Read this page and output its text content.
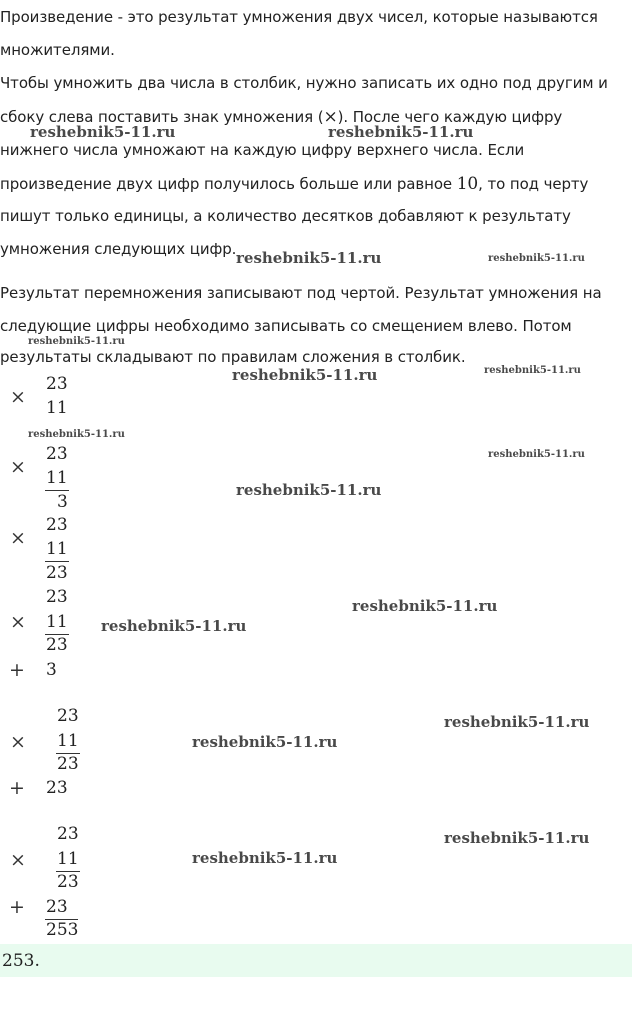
Произведение - это результат умножения двух чисел, которые называются
множителями.
Чтобы умножить два числа в столбик, нужно записать их одно под другим и
сбоку слева поставить знак умножения (×). После чего каждую цифру
нижнего числа умножают на каждую цифру верхнего числа. Если
произведение двух цифр получилось больше или равное 10, то под черту
пишут только единицы, а количество десятков добавляют к результату
умножения следующих цифр.
Результат перемножения записывают под чертой. Результат умножения на
следующие цифры необходимо записывать со смещением влево. Потом
результаты складывают по правилам сложения в столбик.
23
× 11
23
× 11
3
23
× 11
23
23
× 11
23
+ 3
23
× 11
23
+ 23
23
× 11
23
+ 23
253
253.
reshebnik5-11.ru	reshebnik5-11.ru
reshebnik5-11.ru	reshebnik5-11.ru
reshebnik5-11.ru
reshebnik5-11.ru	reshebnik5-11.ru
reshebnik5-11.ru
reshebnik5-11.ru
reshebnik5-11.ru
reshebnik5-11.ru
reshebnik5-11.ru
reshebnik5-11.ru
reshebnik5-11.ru
reshebnik5-11.ru
reshebnik5-11.ru
